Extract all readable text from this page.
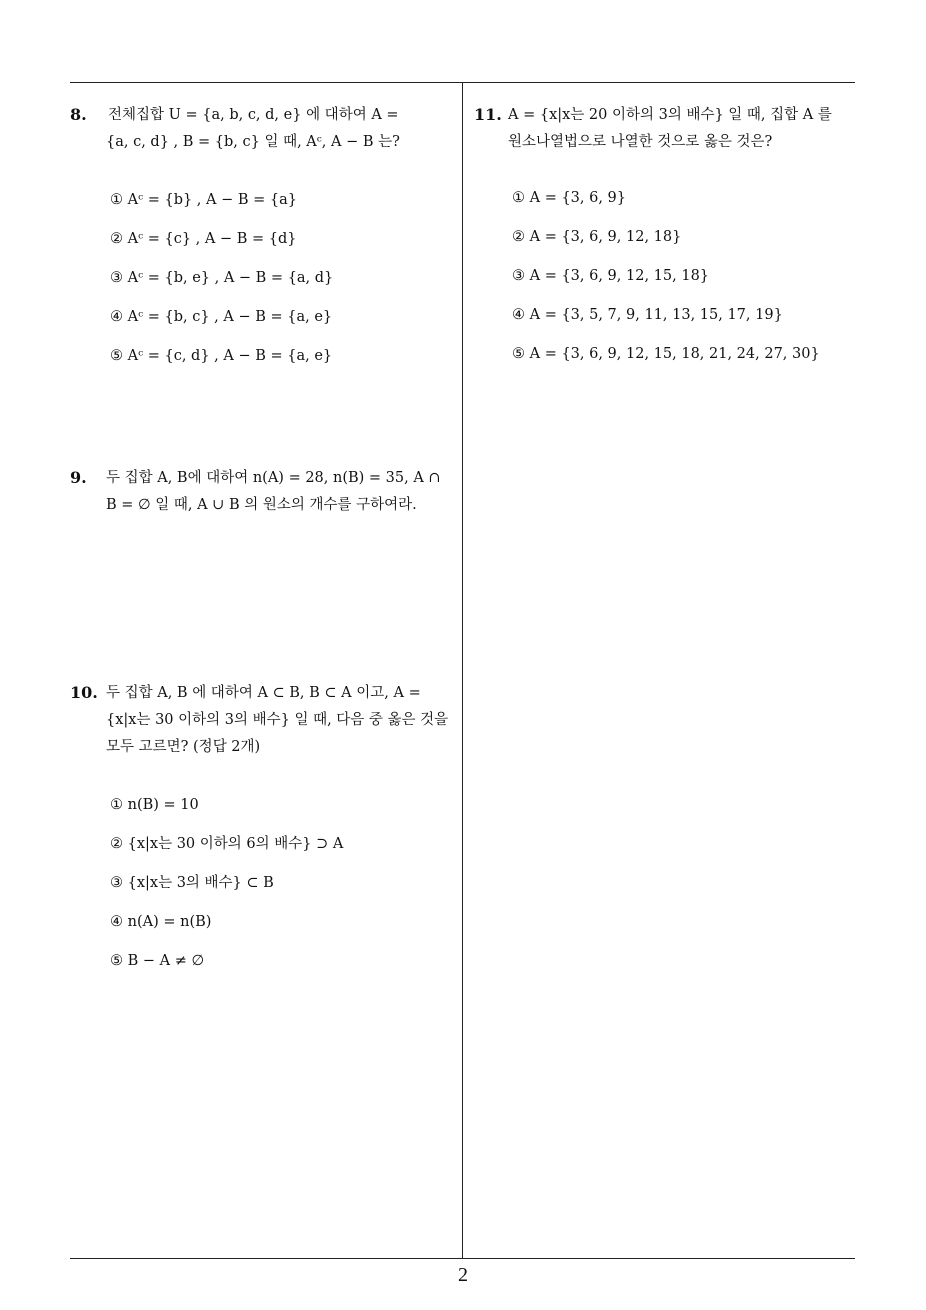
8. 전체집합 U = {a, b, c, d, e} 에 대하여 A =
{a, c, d} , B = {b, c} 일 때, Aᶜ, A − B 는?
① Aᶜ = {b} , A − B = {a}
② Aᶜ = {c} , A − B = {d}
③ Aᶜ = {b, e} , A − B = {a, d}
④ Aᶜ = {b, c} , A − B = {a, e}
⑤ Aᶜ = {c, d} , A − B = {a, e}
9. 두 집합 A, B에 대하여 n(A) = 28, n(B) = 35, A ∩
B = ∅ 일 때, A ∪ B 의 원소의 개수를 구하여라.
10. 두 집합 A, B 에 대하여 A ⊂ B, B ⊂ A 이고, A =
{x|x는 30 이하의 3의 배수} 일 때, 다음 중 옳은 것을
모두 고르면? (정답 2개)
① n(B) = 10
② {x|x는 30 이하의 6의 배수} ⊃ A
③ {x|x는 3의 배수} ⊂ B
④ n(A) = n(B)
⑤ B − A ≠ ∅
11. A = {x|x는 20 이하의 3의 배수} 일 때, 집합 A 를
원소나열법으로 나열한 것으로 옳은 것은?
① A = {3, 6, 9}
② A = {3, 6, 9, 12, 18}
③ A = {3, 6, 9, 12, 15, 18}
④ A = {3, 5, 7, 9, 11, 13, 15, 17, 19}
⑤ A = {3, 6, 9, 12, 15, 18, 21, 24, 27, 30}
2
